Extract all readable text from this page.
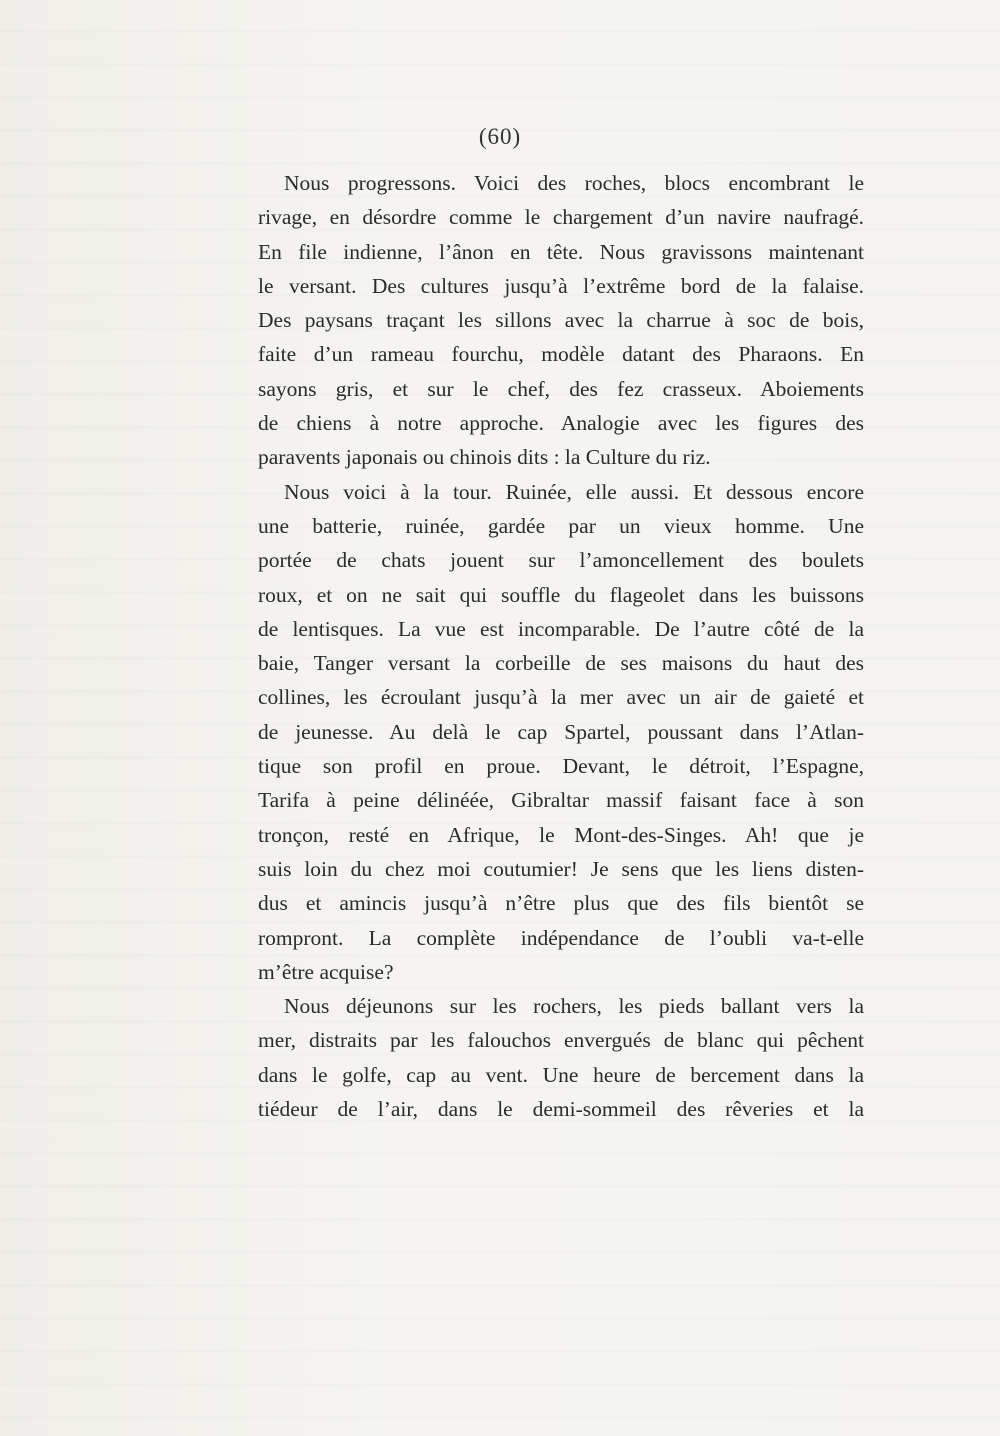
(60)

Nous progressons. Voici des roches, blocs encombrant le
rivage, en désordre comme le chargement d’un navire naufragé.
En file indienne, l’ânon en tête. Nous gravissons maintenant
le versant. Des cultures jusqu’à l’extrême bord de la falaise.
Des paysans traçant les sillons avec la charrue à soc de bois,
faite d’un rameau fourchu, modèle datant des Pharaons. En
sayons gris, et sur le chef, des fez crasseux. Aboiements
de chiens à notre approche. Analogie avec les figures des
paravents japonais ou chinois dits : la Culture du riz.

Nous voici à la tour. Ruinée, elle aussi. Et dessous encore
une batterie, ruinée, gardée par un vieux homme. Une
portée de chats jouent sur l’amoncellement des boulets
roux, et on ne sait qui souffle du flageolet dans les buissons
de lentisques. La vue est incomparable. De l’autre côté de la
baie, Tanger versant la corbeille de ses maisons du haut des
collines, les écroulant jusqu’à la mer avec un air de gaieté et
de jeunesse. Au delà le cap Spartel, poussant dans l’Atlan-
tique son profil en proue. Devant, le détroit, l’Espagne,
Tarifa à peine délinéée, Gibraltar massif faisant face à son
tronçon, resté en Afrique, le Mont-des-Singes. Ah! que je
suis loin du chez moi coutumier! Je sens que les liens disten-
dus et amincis jusqu’à n’être plus que des fils bientôt se
rompront. La complète indépendance de l’oubli va-t-elle
m’être acquise?

Nous déjeunons sur les rochers, les pieds ballant vers la
mer, distraits par les falouchos envergués de blanc qui pêchent
dans le golfe, cap au vent. Une heure de bercement dans la
tiédeur de l’air, dans le demi-sommeil des rêveries et la
